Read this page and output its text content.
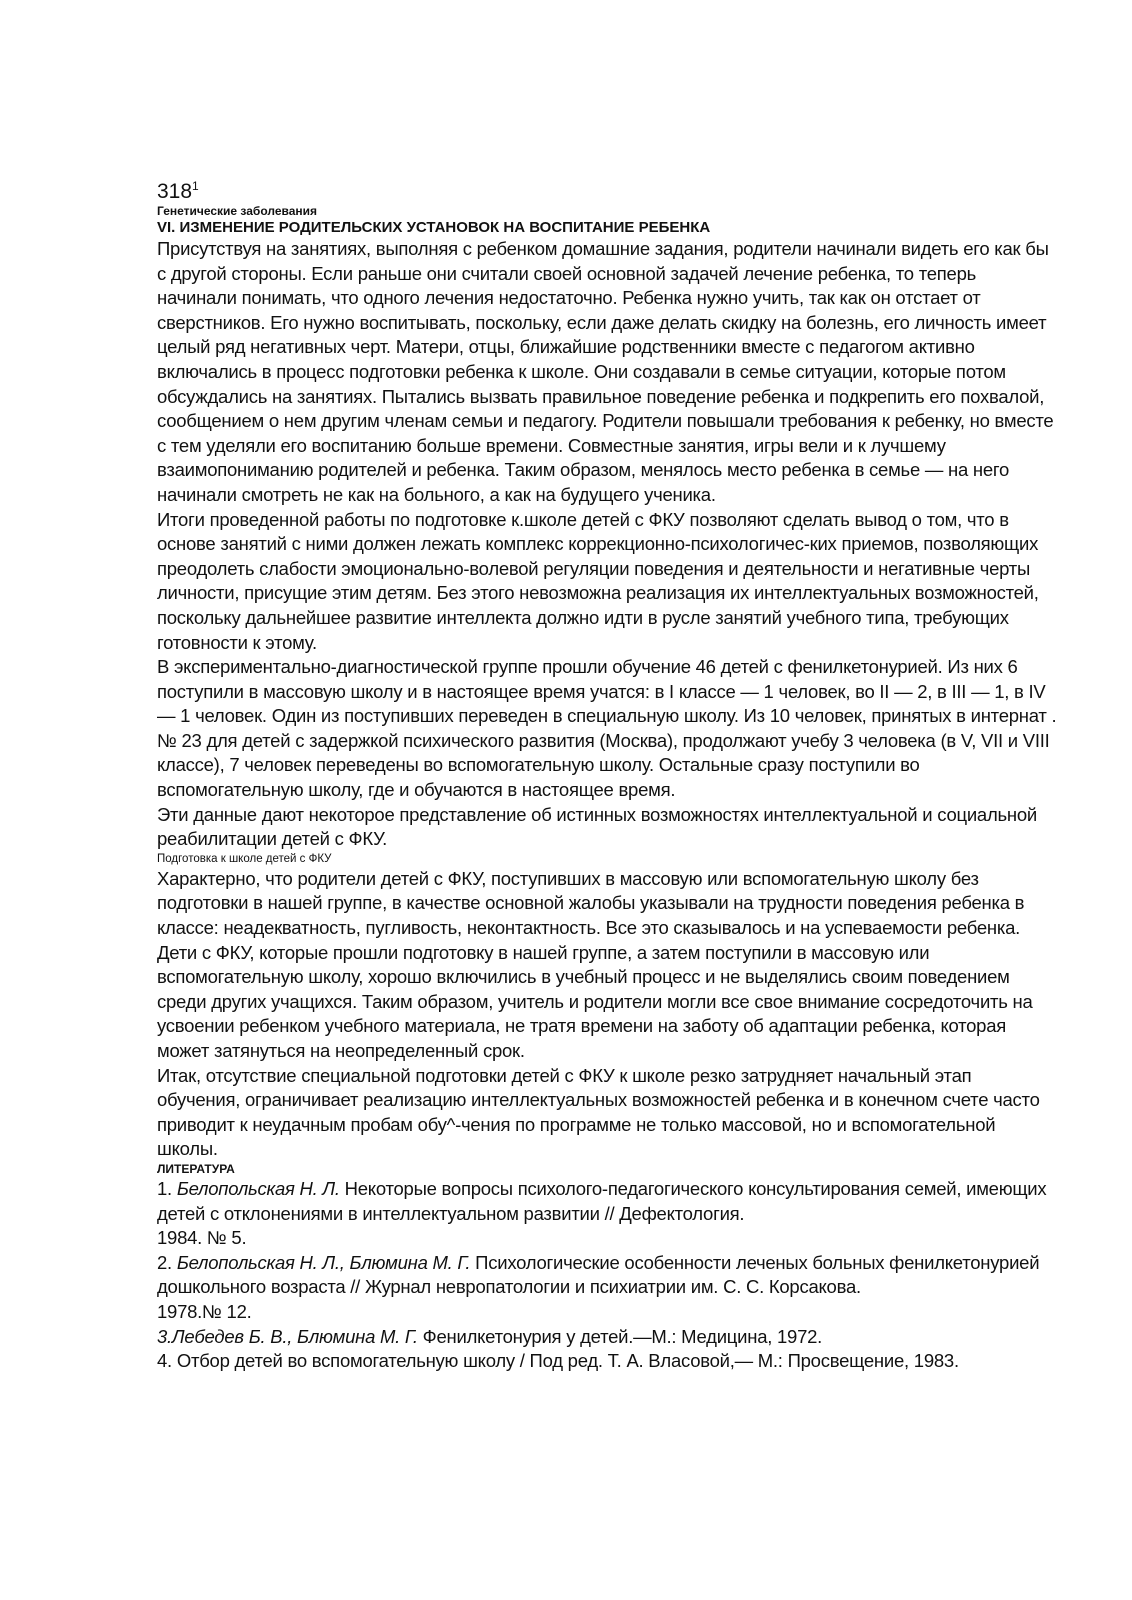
$318^1$
Генетические заболевания
VI. ИЗМЕНЕНИЕ РОДИТЕЛЬСКИХ УСТАНОВОК НА ВОСПИТАНИЕ РЕБЕНКА

Присутствуя на занятиях, выполняя с ребенком домашние задания, родители начинали видеть его как бы с другой стороны. Если раньше они считали своей основной задачей лечение ребенка, то теперь начинали понимать, что одного лечения недостаточно. Ребенка нужно учить, так как он отстает от сверстников. Его нужно воспитывать, поскольку, если даже делать скидку на болезнь, его личность имеет целый ряд негативных черт. Матери, отцы, ближайшие родственники вместе с педагогом активно включались в процесс подготовки ребенка к школе. Они создавали в семье ситуации, которые потом обсуждались на занятиях. Пытались вызвать правильное поведение ребенка и подкрепить его похвалой, сообщением о нем другим членам семьи и педагогу. Родители повышали требования к ребенку, но вместе с тем уделяли его воспитанию больше времени. Совместные занятия, игры вели и к лучшему взаимопониманию родителей и ребенка. Таким образом, менялось место ребенка в семье — на него начинали смотреть не как на больного, а как на будущего ученика.

Итоги проведенной работы по подготовке к.школе детей с ФКУ позволяют сделать вывод о том, что в основе занятий с ними должен лежать комплекс коррекционно-психологичес-ких приемов, позволяющих преодолеть слабости эмоционально-волевой регуляции поведения и деятельности и негативные черты личности, присущие этим детям. Без этого невозможна реализация их интеллектуальных возможностей, поскольку дальнейшее развитие интеллекта должно идти в русле занятий учебного типа, требующих готовности к этому.

В экспериментально-диагностической группе прошли обучение 46 детей с фенилкетонурией. Из них 6 поступили в массовую школу и в настоящее время учатся: в I классе — 1 человек, во II — 2, в III — 1, в IV — 1 человек. Один из поступивших переведен в специальную школу. Из 10 человек, принятых в интернат .№ 23 для детей с задержкой психического развития (Москва), продолжают учебу 3 человека (в V, VII и VIII классе), 7 человек переведены во вспомогательную школу. Остальные сразу поступили во вспомогательную школу, где и обучаются в настоящее время.

Эти данные дают некоторое представление об истинных возможностях интеллектуальной и социальной реабилитации детей с ФКУ.

Подготовка к школе детей с ФКУ

Характерно, что родители детей с ФКУ, поступивших в массовую или вспомогательную школу без подготовки в нашей группе, в качестве основной жалобы указывали на трудности поведения ребенка в классе: неадекватность, пугливость, неконтактность. Все это сказывалось и на успеваемости ребенка.

Дети с ФКУ, которые прошли подготовку в нашей группе, а затем поступили в массовую или вспомогательную школу, хорошо включились в учебный процесс и не выделялись своим поведением среди других учащихся. Таким образом, учитель и родители могли все свое внимание сосредоточить на усвоении ребенком учебного материала, не тратя времени на заботу об адаптации ребенка, которая может затянуться на неопределенный срок.

Итак, отсутствие специальной подготовки детей с ФКУ к школе резко затрудняет начальный этап обучения, ограничивает реализацию интеллектуальных возможностей ребенка и в конечном счете часто приводит к неудачным пробам обу^-чения по программе не только массовой, но и вспомогательной школы.

ЛИТЕРАТУРА

1. Белопольская Н. Л. Некоторые вопросы психолого-педагогического консультирования семей, имеющих детей с отклонениями в интеллектуальном развитии // Дефектология.

1984. № 5.

2. Белопольская Н. Л., Блюмина М. Г. Психологические особенности леченых больных фенилкетонурией дошкольного возраста // Журнал невропатологии и психиатрии им. С. С. Корсакова.

1978.№ 12.

3.Лебедев Б. В., Блюмина М. Г. Фенилкетонурия у детей.—М.: Медицина, 1972.

4. Отбор детей во вспомогательную школу / Под ред. Т. А. Власовой,— М.: Просвещение, 1983.
